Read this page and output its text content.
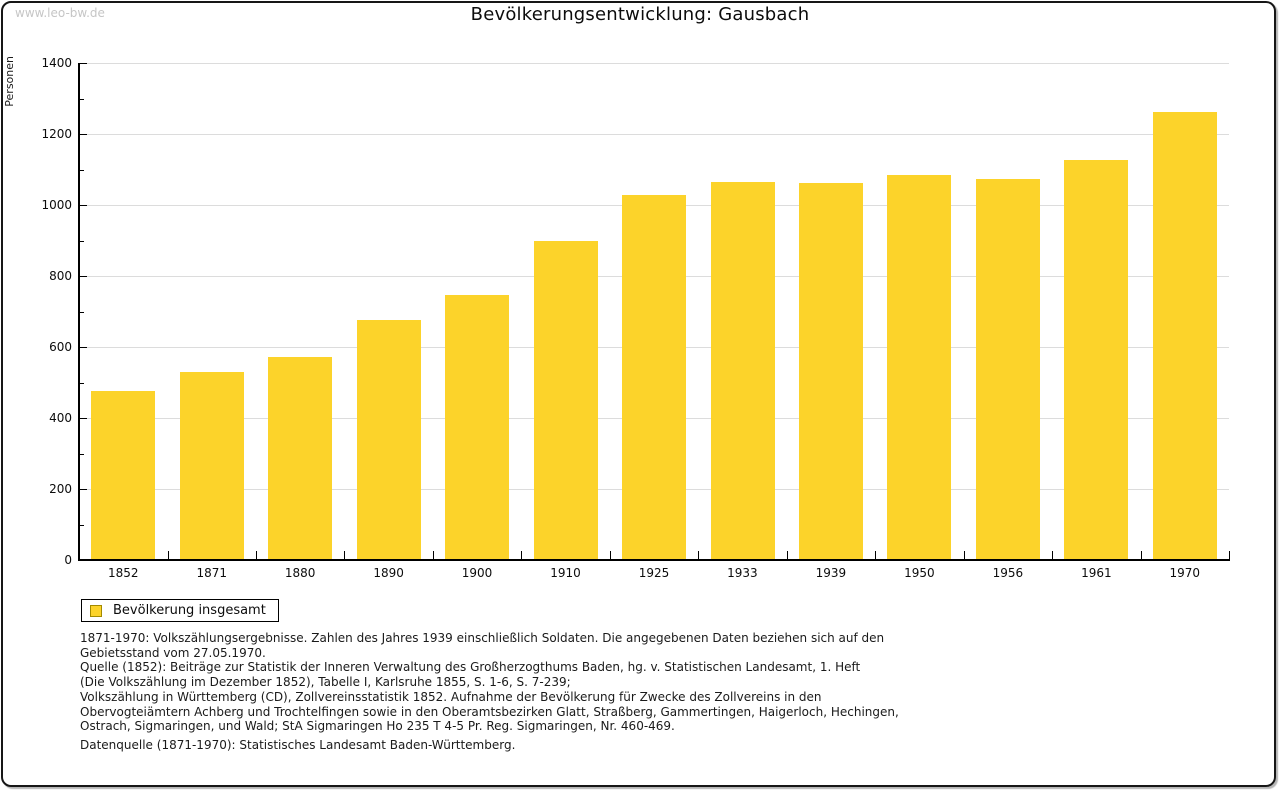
www.leo-bw.de	Bevölkerungsentwicklung: Gausbach
Personen
0
200
400
600
800
1000
1200
1400
1852	1871	1880	1890	1900	1910	1925	1933	1939	1950	1956	1961	1970
Bevölkerung insgesamt
1871-1970: Volkszählungsergebnisse. Zahlen des Jahres 1939 einschließlich Soldaten. Die angegebenen Daten beziehen sich auf den
Gebietsstand vom 27.05.1970.
Quelle (1852): Beiträge zur Statistik der Inneren Verwaltung des Großherzogthums Baden, hg. v. Statistischen Landesamt, 1. Heft
(Die Volkszählung im Dezember 1852), Tabelle I, Karlsruhe 1855, S. 1-6, S. 7-239;
Volkszählung in Württemberg (CD), Zollvereinsstatistik 1852. Aufnahme der Bevölkerung für Zwecke des Zollvereins in den
Obervogteiämtern Achberg und Trochtelfingen sowie in den Oberamtsbezirken Glatt, Straßberg, Gammertingen, Haigerloch, Hechingen,
Ostrach, Sigmaringen, und Wald; StA Sigmaringen Ho 235 T 4-5 Pr. Reg. Sigmaringen, Nr. 460-469.
Datenquelle (1871-1970): Statistisches Landesamt Baden-Württemberg.
